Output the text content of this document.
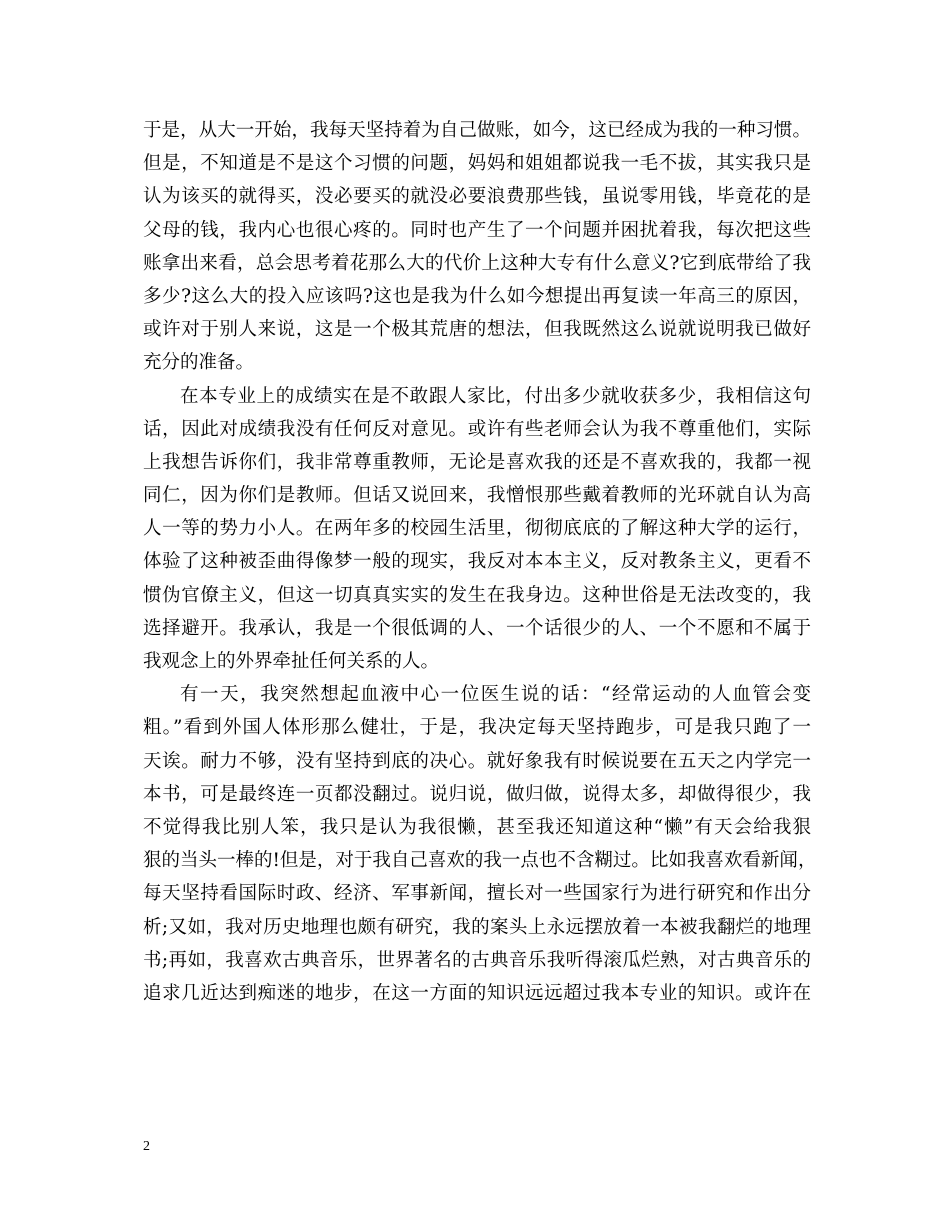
于是，从大一开始，我每天坚持着为自己做账，如今，这已经成为我的一种习惯。
但是，不知道是不是这个习惯的问题，妈妈和姐姐都说我一毛不拔，其实我只是
认为该买的就得买，没必要买的就没必要浪费那些钱，虽说零用钱，毕竟花的是
父母的钱，我内心也很心疼的。同时也产生了一个问题并困扰着我，每次把这些
账拿出来看，总会思考着花那么大的代价上这种大专有什么意义?它到底带给了我
多少?这么大的投入应该吗?这也是我为什么如今想提出再复读一年高三的原因，
或许对于别人来说，这是一个极其荒唐的想法，但我既然这么说就说明我已做好
充分的准备。
在本专业上的成绩实在是不敢跟人家比，付出多少就收获多少，我相信这句
话，因此对成绩我没有任何反对意见。或许有些老师会认为我不尊重他们，实际
上我想告诉你们，我非常尊重教师，无论是喜欢我的还是不喜欢我的，我都一视
同仁，因为你们是教师。但话又说回来，我憎恨那些戴着教师的光环就自认为高
人一等的势力小人。在两年多的校园生活里，彻彻底底的了解这种大学的运行，
体验了这种被歪曲得像梦一般的现实，我反对本本主义，反对教条主义，更看不
惯伪官僚主义，但这一切真真实实的发生在我身边。这种世俗是无法改变的，我
选择避开。我承认，我是一个很低调的人、一个话很少的人、一个不愿和不属于
我观念上的外界牵扯任何关系的人。
有一天，我突然想起血液中心一位医生说的话：“经常运动的人血管会变
粗。”看到外国人体形那么健壮，于是，我决定每天坚持跑步，可是我只跑了一
天诶。耐力不够，没有坚持到底的决心。就好象我有时候说要在五天之内学完一
本书，可是最终连一页都没翻过。说归说，做归做，说得太多，却做得很少，我
不觉得我比别人笨，我只是认为我很懒，甚至我还知道这种“懒”有天会给我狠
狠的当头一棒的!但是，对于我自己喜欢的我一点也不含糊过。比如我喜欢看新闻，
每天坚持看国际时政、经济、军事新闻，擅长对一些国家行为进行研究和作出分
析;又如，我对历史地理也颇有研究，我的案头上永远摆放着一本被我翻烂的地理
书;再如，我喜欢古典音乐，世界著名的古典音乐我听得滚瓜烂熟，对古典音乐的
追求几近达到痴迷的地步，在这一方面的知识远远超过我本专业的知识。或许在
2
